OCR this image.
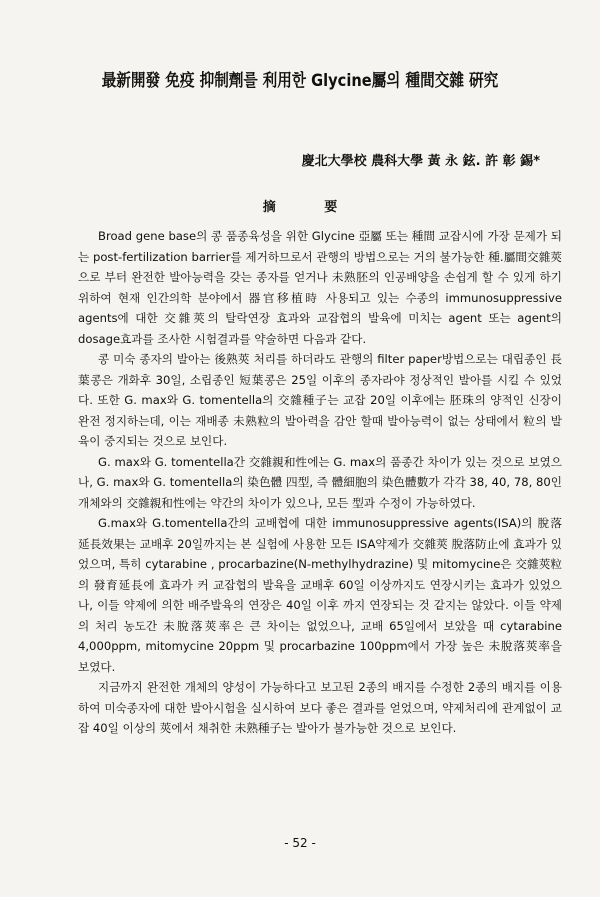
最新開發 免疫 抑制劑를 利用한 Glycine屬의 種間交雜 硏究
慶北大學校 農科大學 黃 永 鉉. 許 彰 錫*
摘 要

Broad gene base의 콩 품종육성을 위한 Glycine 亞屬 또는 種間 교잡시에 가장 문제가 되는 post-fertilization barrier를 제거하므로서 관행의 방법으로는 거의 불가능한 種.屬間交雜莢으로 부터 완전한 발아능력을 갖는 종자를 얻거나 未熟胚의 인공배양을 손쉽게 할 수 있게 하기 위하여 현재 인간의학 분야에서 器官移植時 사용되고 있는 수종의 immunosuppressive agents에 대한 交雜莢의 탈락연장 효과와 교잡협의 발육에 미치는 agent 또는 agent의 dosage효과를 조사한 시험결과를 약술하면 다음과 같다.

콩 미숙 종자의 발아는 後熟莢 처리를 하더라도 관행의 filter paper방법으로는 대립종인 長葉콩은 개화후 30일, 소립종인 短葉콩은 25일 이후의 종자라야 정상적인 발아를 시킬 수 있었다. 또한 G. max와 G. tomentella의 交雜種子는 교잡 20일 이후에는 胚珠의 양적인 신장이 완전 정지하는데, 이는 재배종 未熟粒의 발아력을 감안 할때 발아능력이 없는 상태에서 粒의 발육이 중지되는 것으로 보인다.

G. max와 G. tomentella간 交雜親和性에는 G. max의 품종간 차이가 있는 것으로 보였으나, G. max와 G. tomentella의 染色體 四型, 즉 體細胞의 染色體數가 각각 38, 40, 78, 80인 개체와의 交雜親和性에는 약간의 차이가 있으나, 모든 型과 수정이 가능하였다.

G.max와 G.tomentella간의 교배협에 대한 immunosuppressive agents(ISA)의 脫落延長效果는 교배후 20일까지는 본 실험에 사용한 모든 ISA약제가 交雜莢 脫落防止에 효과가 있었으며, 특히 cytarabine , procarbazine(N-methylhydrazine) 및 mitomycine은 交雜莢粒의 發育延長에 효과가 커 교잡협의 발육을 교배후 60일 이상까지도 연장시키는 효과가 있었으나, 이들 약제에 의한 배주발육의 연장은 40일 이후 까지 연장되는 것 같지는 않았다. 이들 약제의 처리 농도간 未脫落莢率은 큰 차이는 없었으나, 교배 65일에서 보았을 때 cytarabine 4,000ppm, mitomycine 20ppm 및 procarbazine 100ppm에서 가장 높은 未脫落莢率을 보였다.

지금까지 완전한 개체의 양성이 가능하다고 보고된 2종의 배지를 수정한 2종의 배지를 이용하여 미숙종자에 대한 발아시험을 실시하여 보다 좋은 결과를 얻었으며, 약제처리에 관계없이 교잡 40일 이상의 莢에서 채취한 未熟種子는 발아가 불가능한 것으로 보인다.

- 52 -
